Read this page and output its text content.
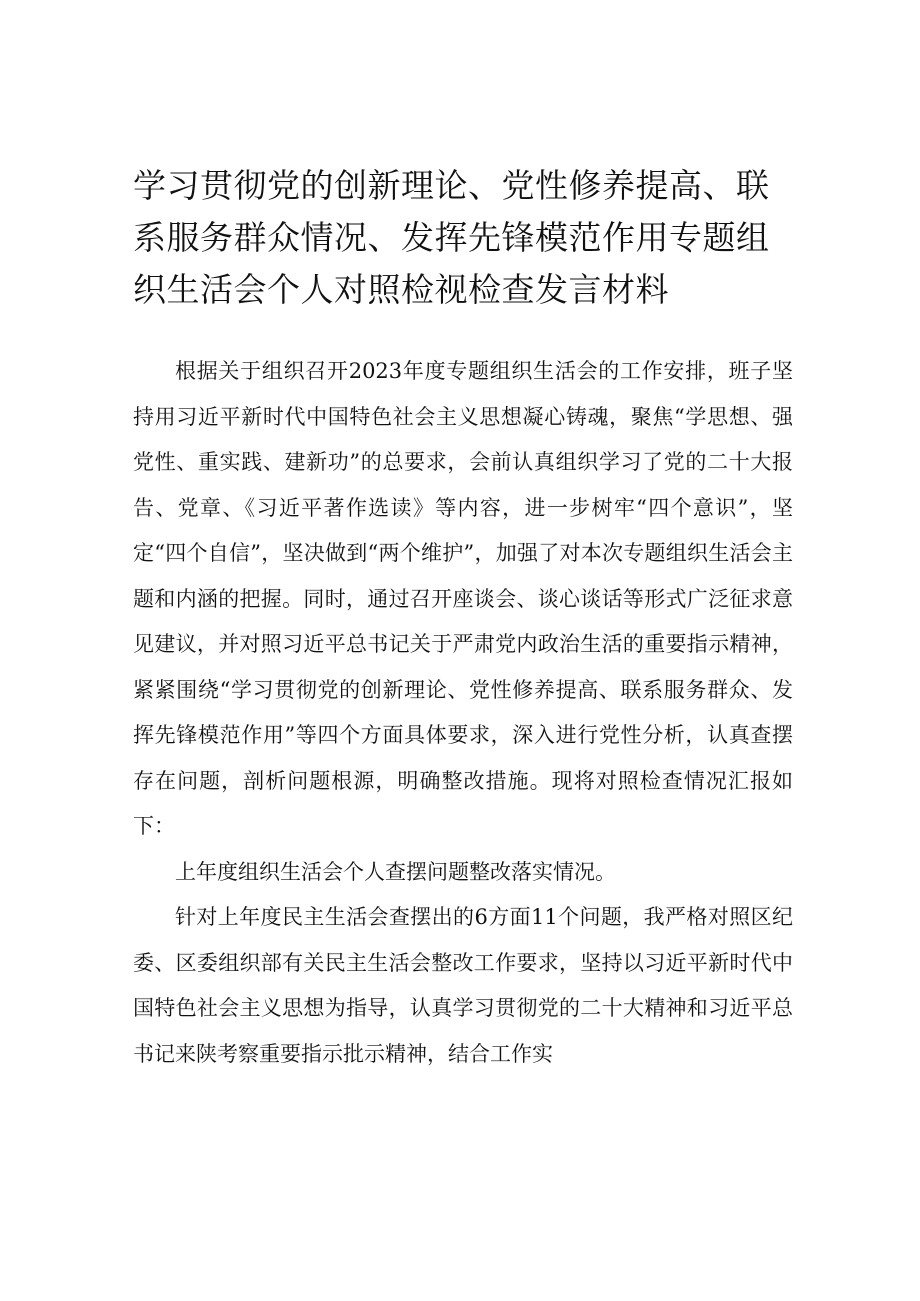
学习贯彻党的创新理论、党性修养提高、联系服务群众情况、发挥先锋模范作用专题组织生活会个人对照检视检查发言材料

根据关于组织召开2023年度专题组织生活会的工作安排，班子坚持用习近平新时代中国特色社会主义思想凝心铸魂，聚焦“学思想、强党性、重实践、建新功”的总要求，会前认真组织学习了党的二十大报告、党章、《习近平著作选读》等内容，进一步树牢“四个意识”，坚定“四个自信”，坚决做到“两个维护”，加强了对本次专题组织生活会主题和内涵的把握。同时，通过召开座谈会、谈心谈话等形式广泛征求意见建议，并对照习近平总书记关于严肃党内政治生活的重要指示精神，紧紧围绕“学习贯彻党的创新理论、党性修养提高、联系服务群众、发挥先锋模范作用”等四个方面具体要求，深入进行党性分析，认真查摆存在问题，剖析问题根源，明确整改措施。现将对照检查情况汇报如下：

上年度组织生活会个人查摆问题整改落实情况。

针对上年度民主生活会查摆出的6方面11个问题，我严格对照区纪委、区委组织部有关民主生活会整改工作要求，坚持以习近平新时代中国特色社会主义思想为指导，认真学习贯彻党的二十大精神和习近平总书记来陕考察重要指示批示精神，结合工作实
